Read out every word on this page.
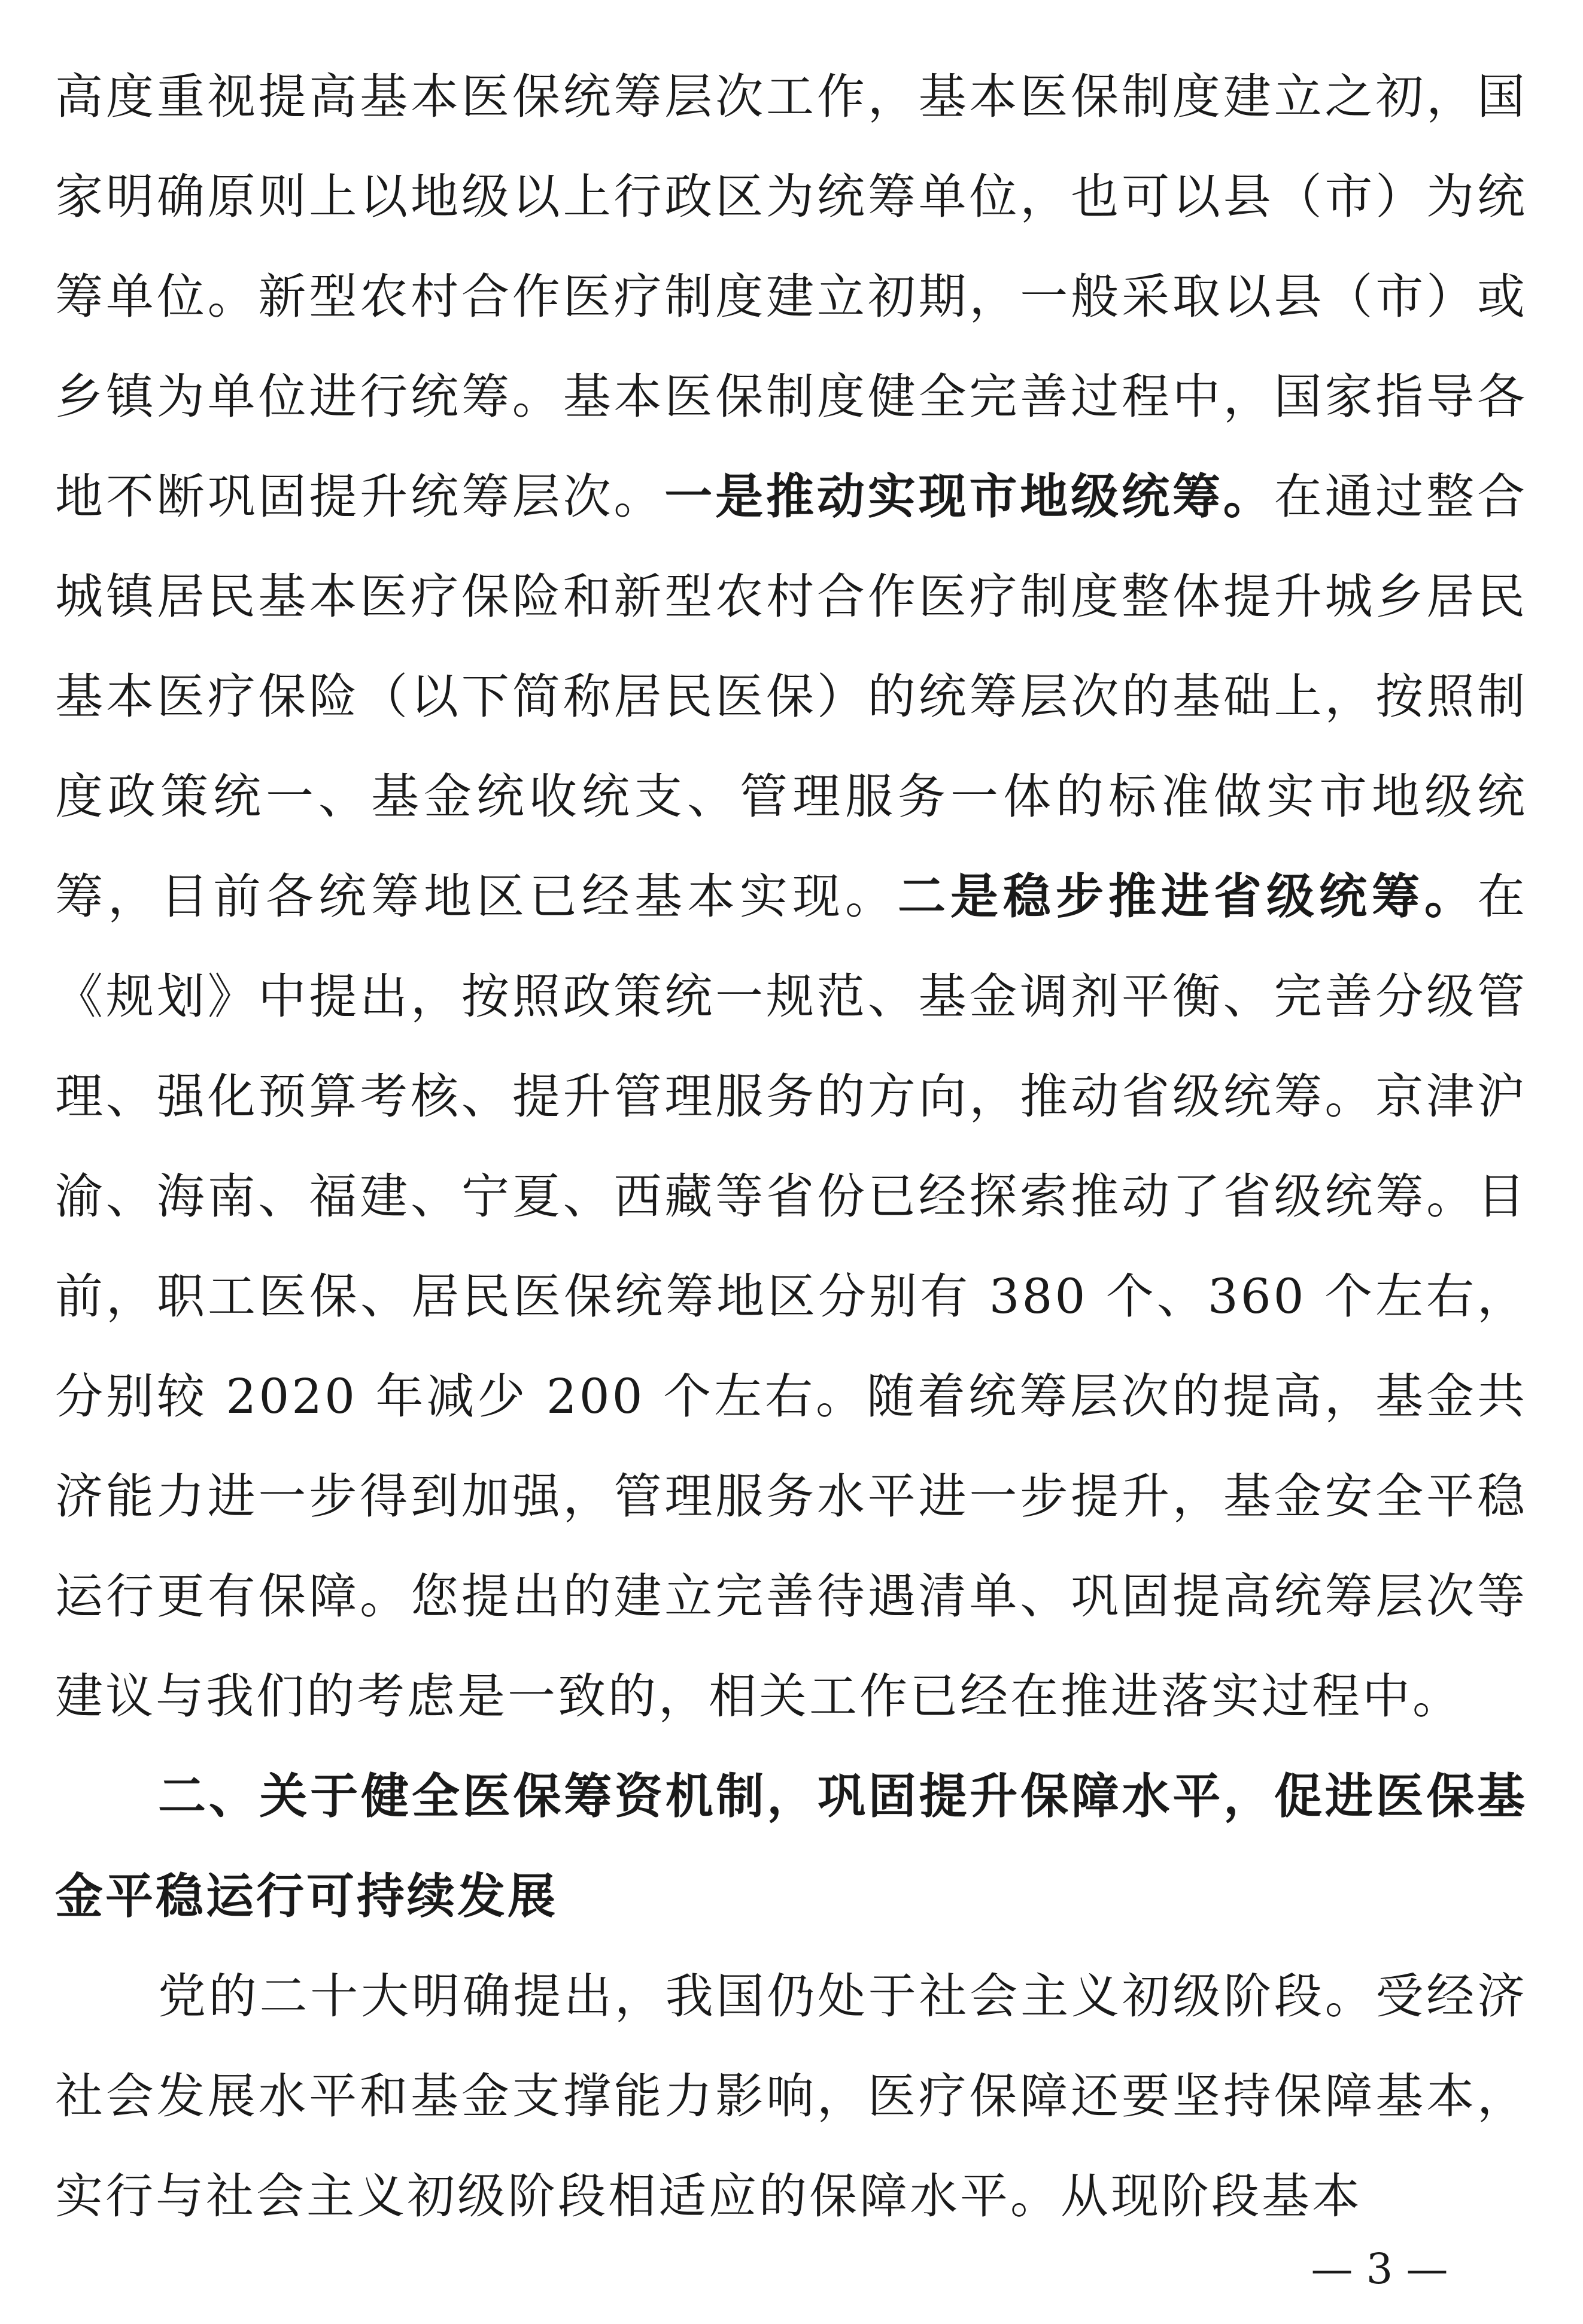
高度重视提高基本医保统筹层次工作，基本医保制度建立之初，国家明确原则上以地级以上行政区为统筹单位，也可以县（市）为统筹单位。新型农村合作医疗制度建立初期，一般采取以县（市）或乡镇为单位进行统筹。基本医保制度健全完善过程中，国家指导各地不断巩固提升统筹层次。一是推动实现市地级统筹。在通过整合城镇居民基本医疗保险和新型农村合作医疗制度整体提升城乡居民基本医疗保险（以下简称居民医保）的统筹层次的基础上，按照制度政策统一、基金统收统支、管理服务一体的标准做实市地级统筹，目前各统筹地区已经基本实现。二是稳步推进省级统筹。在《规划》中提出，按照政策统一规范、基金调剂平衡、完善分级管理、强化预算考核、提升管理服务的方向，推动省级统筹。京津沪渝、海南、福建、宁夏、西藏等省份已经探索推动了省级统筹。目前，职工医保、居民医保统筹地区分别有 380 个、360 个左右，分别较 2020 年减少 200 个左右。随着统筹层次的提高，基金共济能力进一步得到加强，管理服务水平进一步提升，基金安全平稳运行更有保障。您提出的建立完善待遇清单、巩固提高统筹层次等建议与我们的考虑是一致的，相关工作已经在推进落实过程中。

二、关于健全医保筹资机制，巩固提升保障水平，促进医保基金平稳运行可持续发展

党的二十大明确提出，我国仍处于社会主义初级阶段。受经济社会发展水平和基金支撑能力影响，医疗保障还要坚持保障基本，实行与社会主义初级阶段相适应的保障水平。从现阶段基本

— 3 —
